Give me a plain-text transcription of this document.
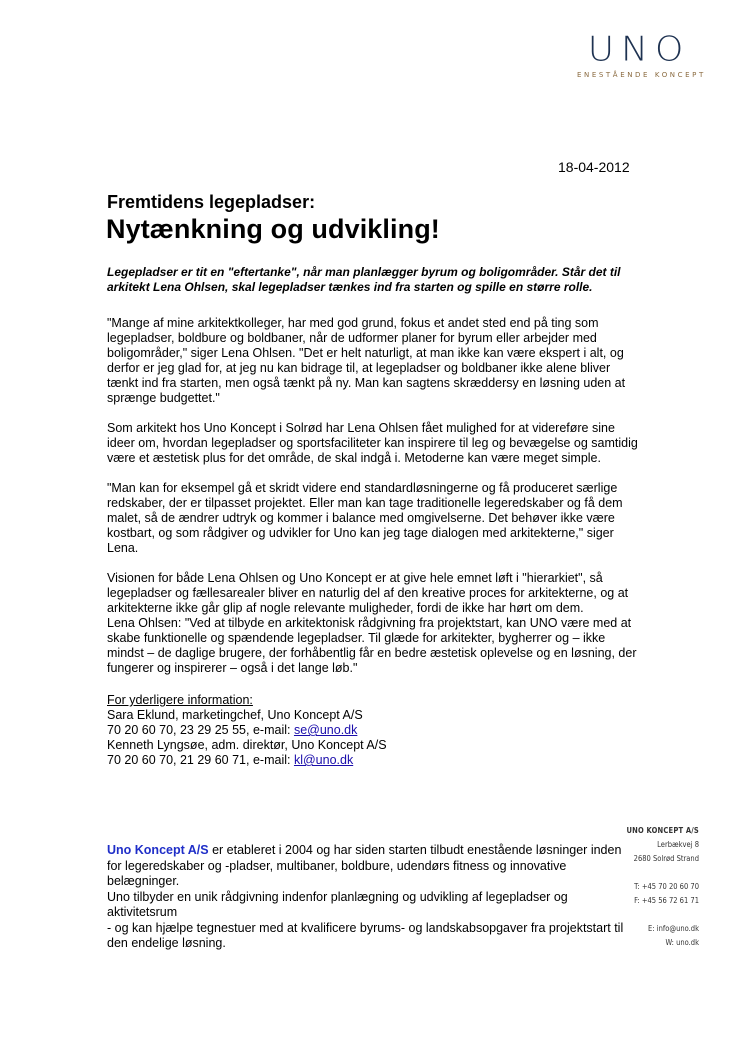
UNO
ENESTÅENDE KONCEPT
18-04-2012
Fremtidens legepladser:
Nytænkning og udvikling!
Legepladser er tit en "eftertanke", når man planlægger byrum og boligområder. Står det til arkitekt Lena Ohlsen, skal legepladser tænkes ind fra starten og spille en større rolle.

"Mange af mine arkitektkolleger, har med god grund, fokus et andet sted end på ting som legepladser, boldbure og boldbaner, når de udformer planer for byrum eller arbejder med boligområder," siger Lena Ohlsen. "Det er helt naturligt, at man ikke kan være ekspert i alt, og derfor er jeg glad for, at jeg nu kan bidrage til, at legepladser og boldbaner ikke alene bliver tænkt ind fra starten, men også tænkt på ny. Man kan sagtens skræddersy en løsning uden at sprænge budgettet."

Som arkitekt hos Uno Koncept i Solrød har Lena Ohlsen fået mulighed for at videreføre sine ideer om, hvordan legepladser og sportsfaciliteter kan inspirere til leg og bevægelse og samtidig være et æstetisk plus for det område, de skal indgå i. Metoderne kan være meget simple.

"Man kan for eksempel gå et skridt videre end standardløsningerne og få produceret særlige redskaber, der er tilpasset projektet. Eller man kan tage traditionelle legeredskaber og få dem malet, så de ændrer udtryk og kommer i balance med omgivelserne. Det behøver ikke være kostbart, og som rådgiver og udvikler for Uno kan jeg tage dialogen med arkitekterne," siger Lena.

Visionen for både Lena Ohlsen og Uno Koncept er at give hele emnet løft i "hierarkiet", så legepladser og fællesarealer bliver en naturlig del af den kreative proces for arkitekterne, og at arkitekterne ikke går glip af nogle relevante muligheder, fordi de ikke har hørt om dem.

Lena Ohlsen: "Ved at tilbyde en arkitektonisk rådgivning fra projektstart, kan UNO være med at skabe funktionelle og spændende legepladser. Til glæde for arkitekter, bygherrer og – ikke mindst – de daglige brugere, der forhåbentlig får en bedre æstetisk oplevelse og en løsning, der fungerer og inspirerer – også i det lange løb."

For yderligere information:
Sara Eklund, marketingchef, Uno Koncept A/S
70 20 60 70, 23 29 25 55, e-mail: se@uno.dk
Kenneth Lyngsøe, adm. direktør, Uno Koncept A/S
70 20 60 70, 21 29 60 71, e-mail: kl@uno.dk
Uno Koncept A/S er etableret i 2004 og har siden starten tilbudt enestående løsninger inden for legeredskaber og -pladser, multibaner, boldbure, udendørs fitness og innovative belægninger.
Uno tilbyder en unik rådgivning indenfor planlægning og udvikling af legepladser og aktivitetsrum
- og kan hjælpe tegnestuer med at kvalificere byrums- og landskabsopgaver fra projektstart til den endelige løsning.
UNO KONCEPT A/S
Lerbækvej 8
2680 Solrød Strand
T: +45 70 20 60 70
F: +45 56 72 61 71
E: info@uno.dk
W: uno.dk
